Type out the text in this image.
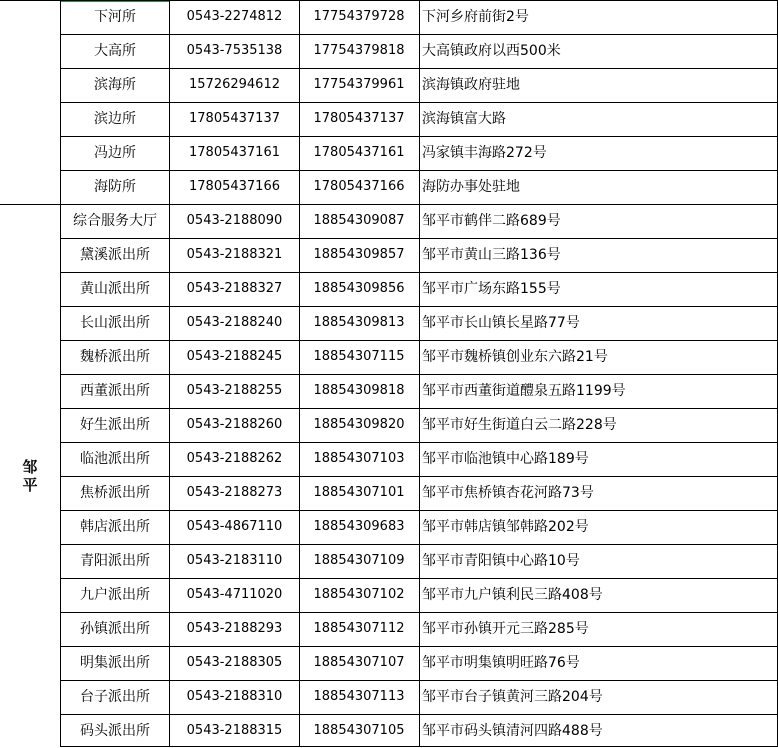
邹
平
下河所	0543-2274812	17754379728	下河乡府前街2号
大高所	0543-7535138	17754379818	大高镇政府以西500米
滨海所	15726294612	17754379961	滨海镇政府驻地
滨边所	17805437137	17805437137	滨海镇富大路
冯边所	17805437161	17805437161	冯家镇丰海路272号
海防所	17805437166	17805437166	海防办事处驻地
综合服务大厅	0543-2188090	18854309087	邹平市鹤伴二路689号
黛溪派出所	0543-2188321	18854309857	邹平市黄山三路136号
黄山派出所	0543-2188327	18854309856	邹平市广场东路155号
长山派出所	0543-2188240	18854309813	邹平市长山镇长星路77号
魏桥派出所	0543-2188245	18854307115	邹平市魏桥镇创业东六路21号
西董派出所	0543-2188255	18854309818	邹平市西董街道醴泉五路1199号
好生派出所	0543-2188260	18854309820	邹平市好生街道白云二路228号
临池派出所	0543-2188262	18854307103	邹平市临池镇中心路189号
焦桥派出所	0543-2188273	18854307101	邹平市焦桥镇杏花河路73号
韩店派出所	0543-4867110	18854309683	邹平市韩店镇邹韩路202号
青阳派出所	0543-2183110	18854307109	邹平市青阳镇中心路10号
九户派出所	0543-4711020	18854307102	邹平市九户镇利民三路408号
孙镇派出所	0543-2188293	18854307112	邹平市孙镇开元三路285号
明集派出所	0543-2188305	18854307107	邹平市明集镇明旺路76号
台子派出所	0543-2188310	18854307113	邹平市台子镇黄河三路204号
码头派出所	0543-2188315	18854307105	邹平市码头镇清河四路488号
